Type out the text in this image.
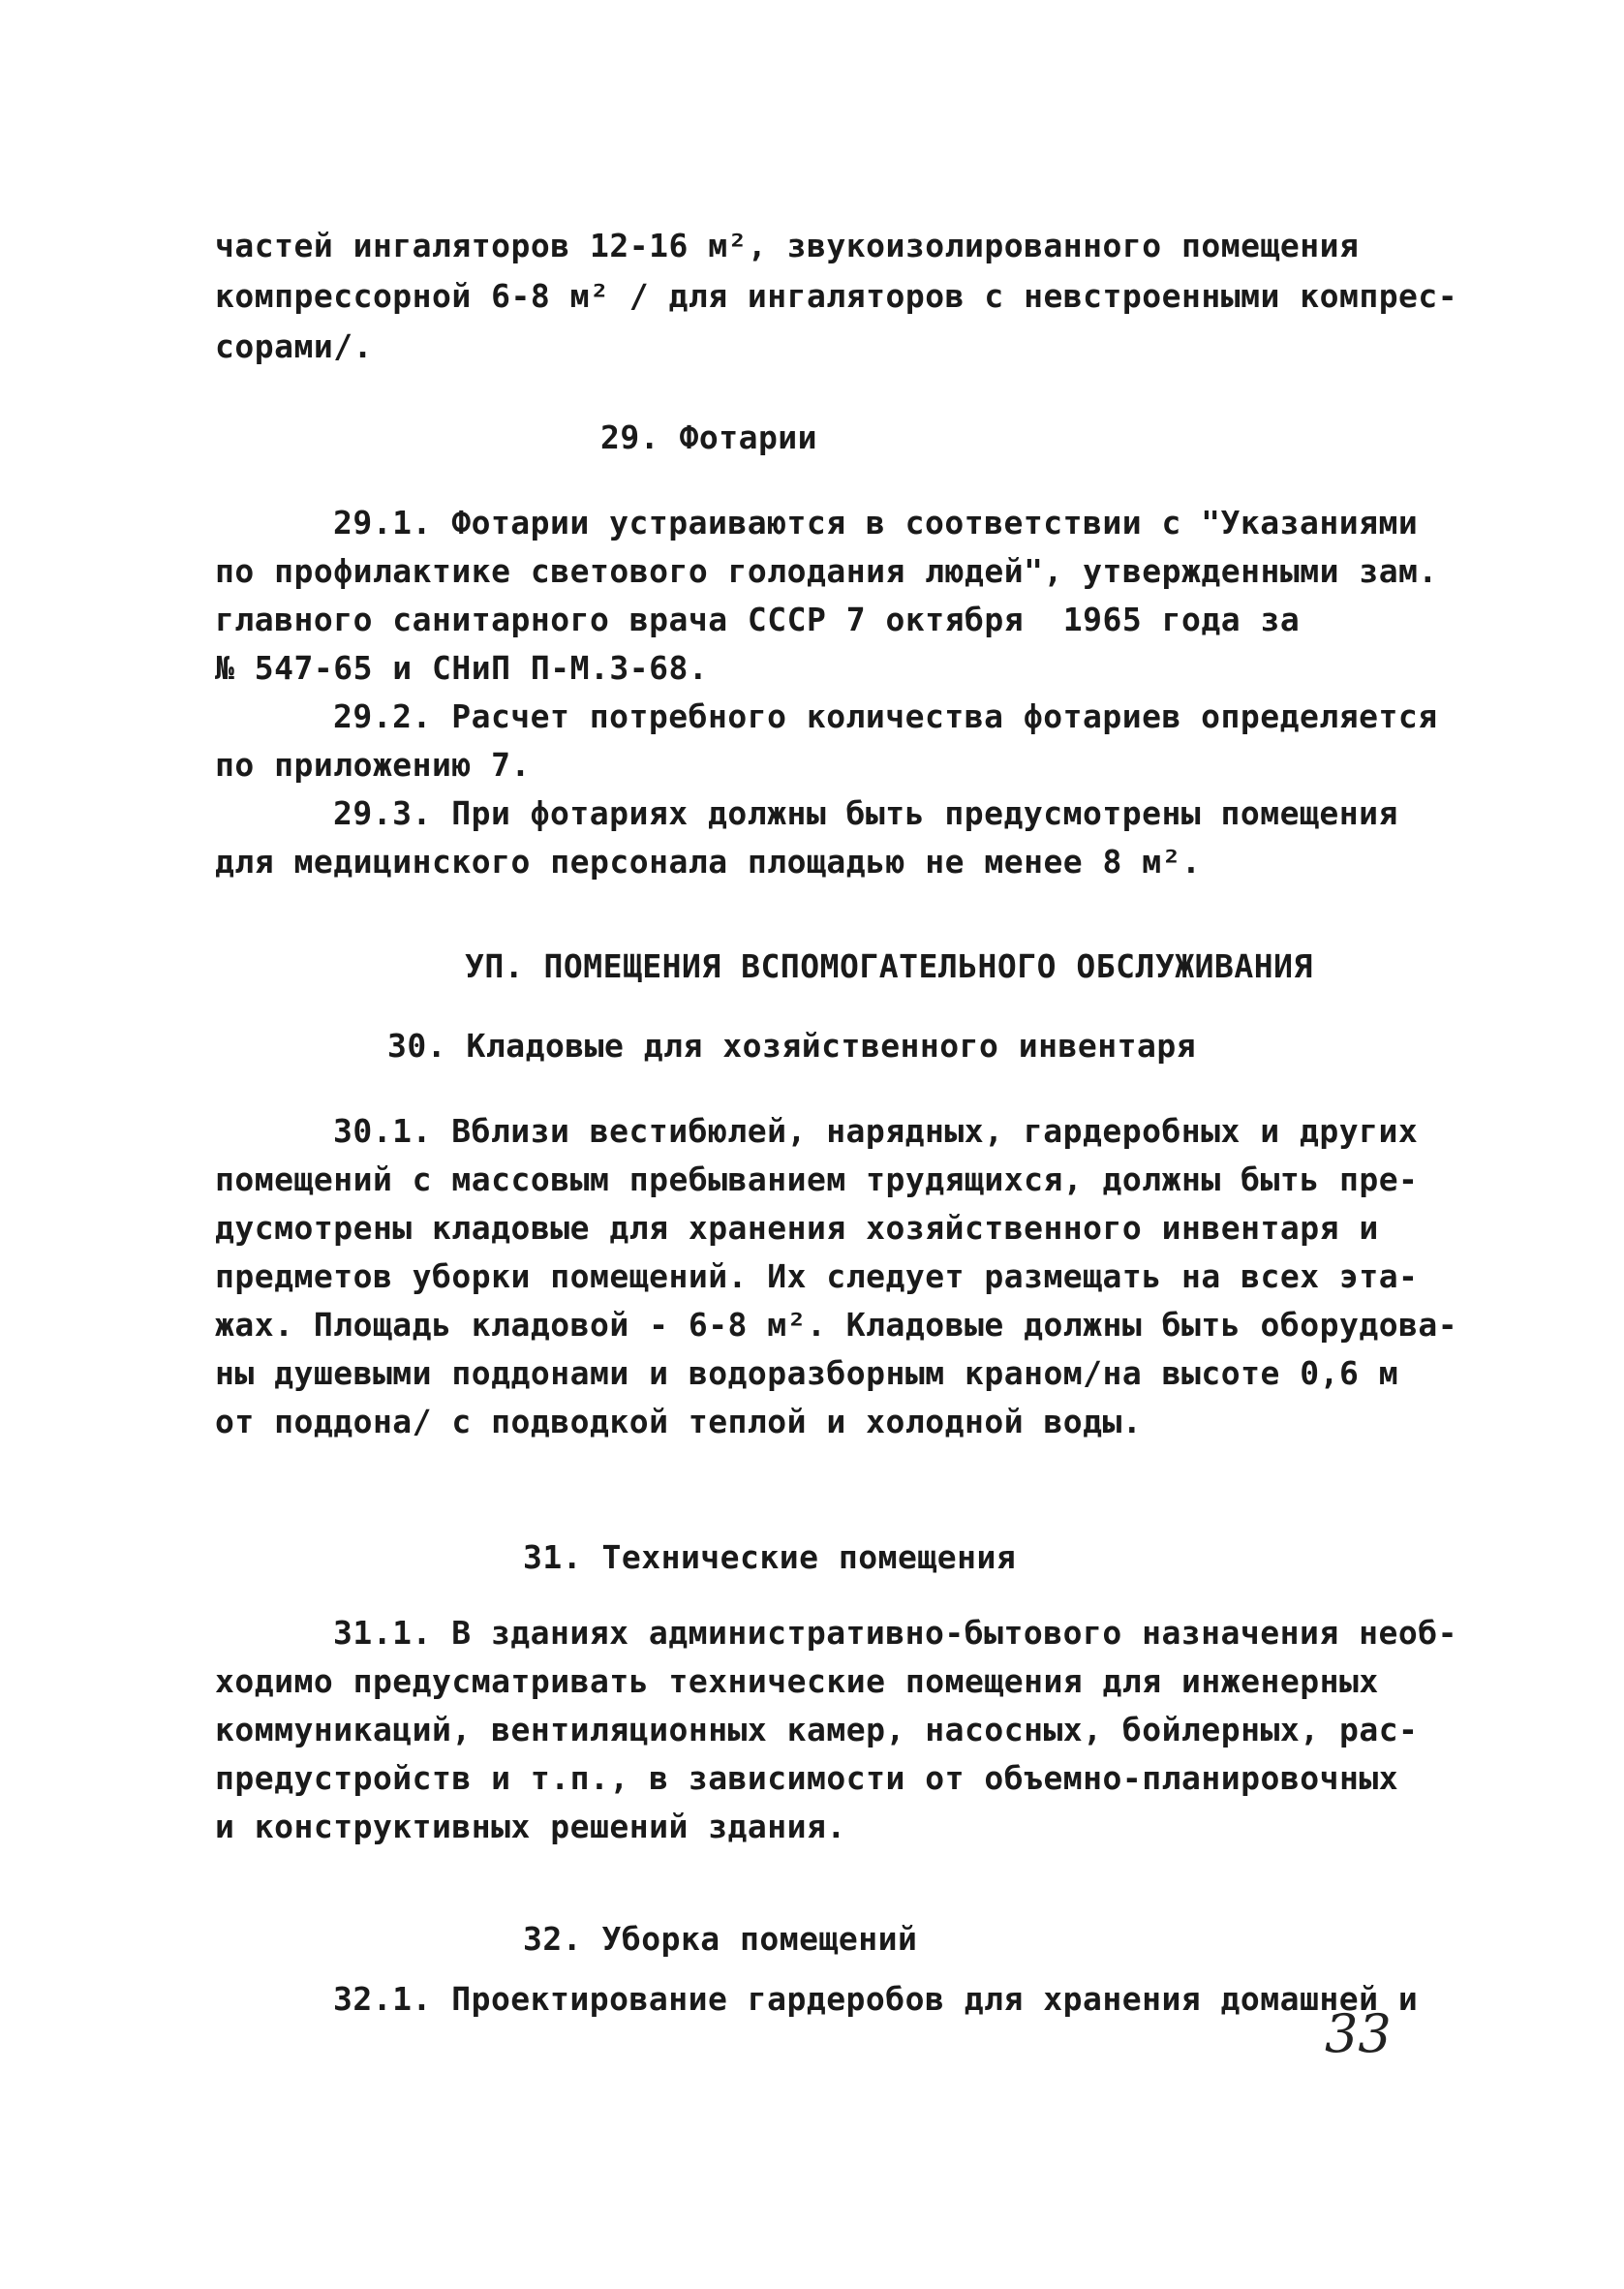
частей ингаляторов 12-16 м², звукоизолированного помещения
компрессорной 6-8 м² / для ингаляторов с невстроенными компрес-
сорами/.
29. Фотарии
29.1. Фотарии устраиваются в соответствии с "Указаниями
по профилактике светового голодания людей", утвержденными зам.
главного санитарного врача СССР 7 октября  1965 года за
№ 547-65 и СНиП П-М.3-68.
29.2. Расчет потребного количества фотариев определяется
по приложению 7.
29.3. При фотариях должны быть предусмотрены помещения
для медицинского персонала площадью не менее 8 м².
УП. ПОМЕЩЕНИЯ ВСПОМОГАТЕЛЬНОГО ОБСЛУЖИВАНИЯ
30. Кладовые для хозяйственного инвентаря
30.1. Вблизи вестибюлей, нарядных, гардеробных и других
помещений с массовым пребыванием трудящихся, должны быть пре-
дусмотрены кладовые для хранения хозяйственного инвентаря и
предметов уборки помещений. Их следует размещать на всех эта-
жах. Площадь кладовой - 6-8 м². Кладовые должны быть оборудова-
ны душевыми поддонами и водоразборным краном/на высоте 0,6 м
от поддона/ с подводкой теплой и холодной воды.
31. Технические помещения
31.1. В зданиях административно-бытового назначения необ-
ходимо предусматривать технические помещения для инженерных
коммуникаций, вентиляционных камер, насосных, бойлерных, рас-
предустройств и т.п., в зависимости от объемно-планировочных
и конструктивных решений здания.
32. Уборка помещений
32.1. Проектирование гардеробов для хранения домашней и
33
